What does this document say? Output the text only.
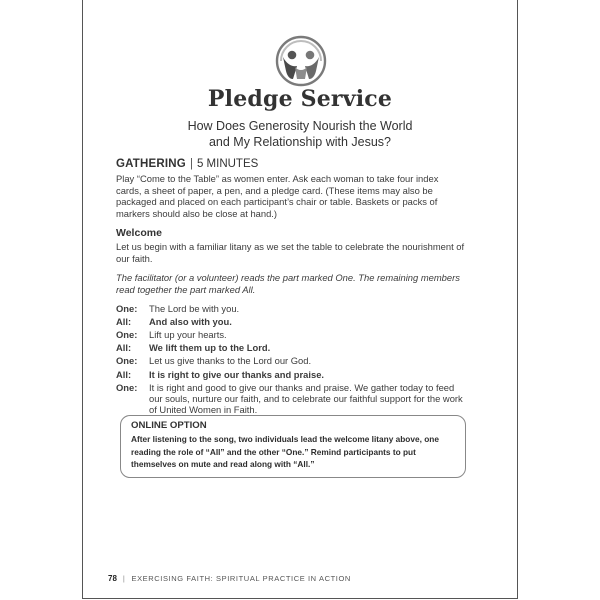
Pledge Service
How Does Generosity Nourish the World
and My Relationship with Jesus?
GATHERING | 5 MINUTES

Play “Come to the Table” as women enter. Ask each woman to take four index cards, a sheet of paper, a pen, and a pledge card. (These items may also be packaged and placed on each participant’s chair or table. Baskets or packs of markers should also be close at hand.)

Welcome

Let us begin with a familiar litany as we set the table to celebrate the nourishment of our faith.

The facilitator (or a volunteer) reads the part marked One. The remaining members read together the part marked All.

One:	The Lord be with you.
All:	And also with you.
One:	Lift up your hearts.
All:	We lift them up to the Lord.
One:	Let us give thanks to the Lord our God.
All:	It is right to give our thanks and praise.
One:	It is right and good to give our thanks and praise. We gather today to feed our souls, nurture our faith, and to celebrate our faithful support for the work of United Women in Faith.
ONLINE OPTION
After listening to the song, two individuals lead the welcome litany above, one reading the role of “All” and the other “One.” Remind participants to put themselves on mute and read along with “All.”
78 | EXERCISING FAITH: SPIRITUAL PRACTICE IN ACTION
